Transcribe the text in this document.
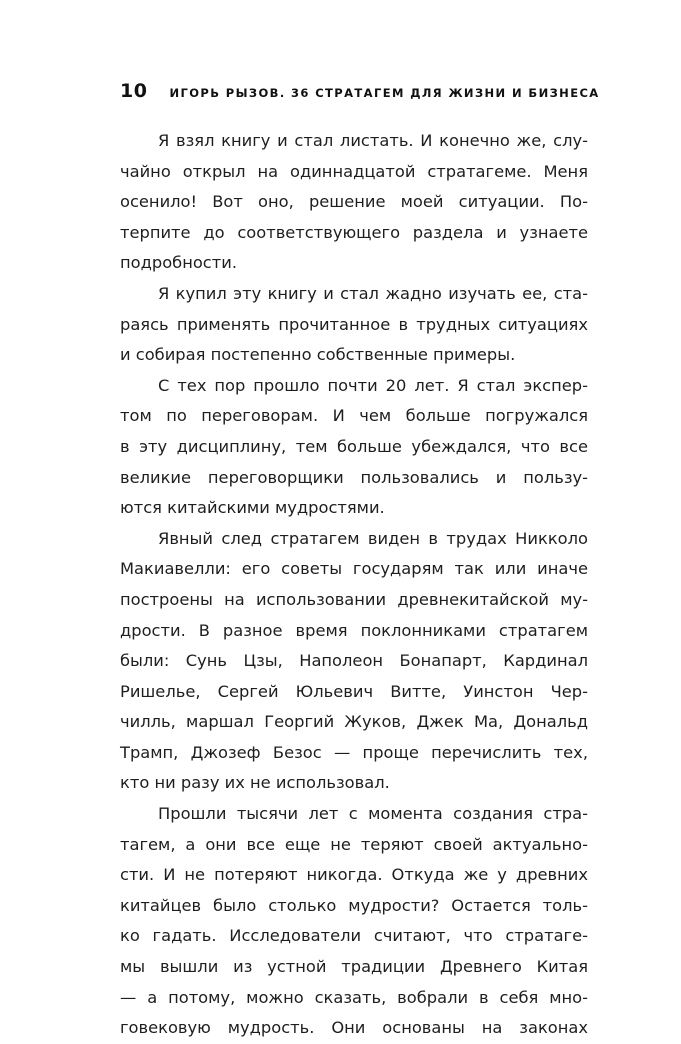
10 ИГОРЬ РЫЗОВ. 36 СТРАТАГЕМ ДЛЯ ЖИЗНИ И БИЗНЕСА
Я взял книгу и стал листать. И конечно же, слу-
чайно открыл на одиннадцатой стратагеме. Меня
осенило! Вот оно, решение моей ситуации. По-
терпите до соответствующего раздела и узнаете
подробности.
Я купил эту книгу и стал жадно изучать ее, ста-
раясь применять прочитанное в трудных ситуациях
и собирая постепенно собственные примеры.
С тех пор прошло почти 20 лет. Я стал экспер-
том по переговорам. И чем больше погружался
в эту дисциплину, тем больше убеждался, что все
великие переговорщики пользовались и пользу-
ются китайскими мудростями.
Явный след стратагем виден в трудах Никколо
Макиавелли: его советы государям так или иначе
построены на использовании древнекитайской му-
дрости. В разное время поклонниками стратагем
были: Сунь Цзы, Наполеон Бонапарт, Кардинал
Ришелье, Сергей Юльевич Витте, Уинстон Чер-
чилль, маршал Георгий Жуков, Джек Ма, Дональд
Трамп, Джозеф Безос — проще перечислить тех,
кто ни разу их не использовал.
Прошли тысячи лет с момента создания стра-
тагем, а они все еще не теряют своей актуально-
сти. И не потеряют никогда. Откуда же у древних
китайцев было столько мудрости? Остается толь-
ко гадать. Исследователи считают, что стратаге-
мы вышли из устной традиции Древнего Китая
— а потому, можно сказать, вобрали в себя мно-
говековую мудрость. Они основаны на законах
